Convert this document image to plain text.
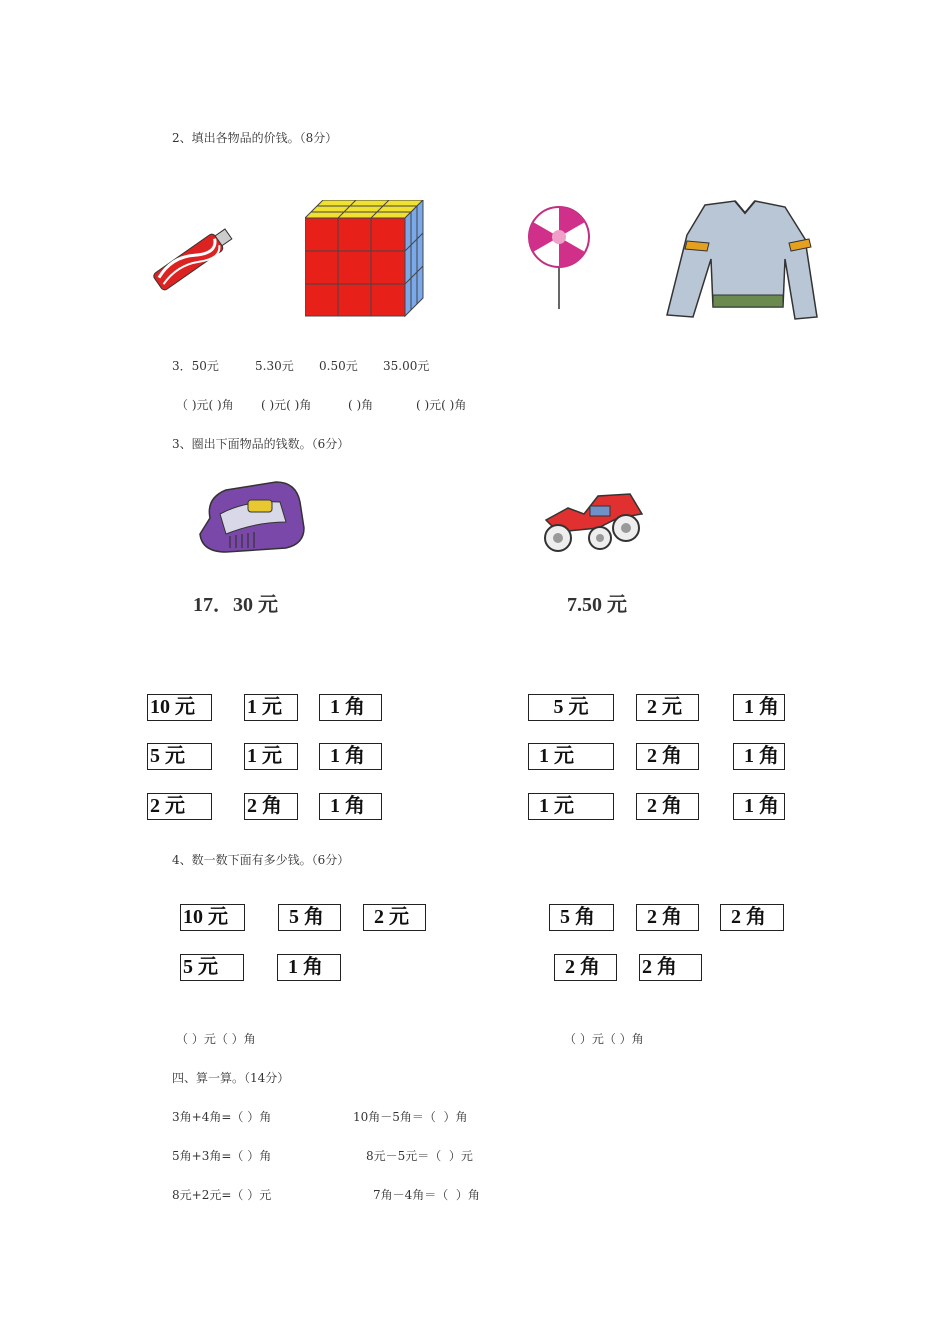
2、填出各物品的价钱。（8分）
3．50元	5.30元 0.50元 35.00元
（ )元( )角 ( )元( )角	( )角	( )元( )角
3、圈出下面物品的钱数。（6分）
17．30 元	7.50 元
10 元	1 元	1 角
5 元	1 元	1 角
2 元	2 角	1 角
5 元	2 元	1 角
1 元	2 角	1 角
1 元	2 角	1 角
4、数一数下面有多少钱。（6分）
10 元	5 角	2 元
5 元	1 角
5 角	2 角	2 角
2 角	2 角
（ ）元（ ）角	（ ）元（ ）角
四、算一算。（14分）
3角+4角=（ ）角	10角－5角＝（  ）角
5角+3角=（ ）角	8元－5元＝（  ）元
8元+2元=（ ）元	7角－4角＝（  ）角
